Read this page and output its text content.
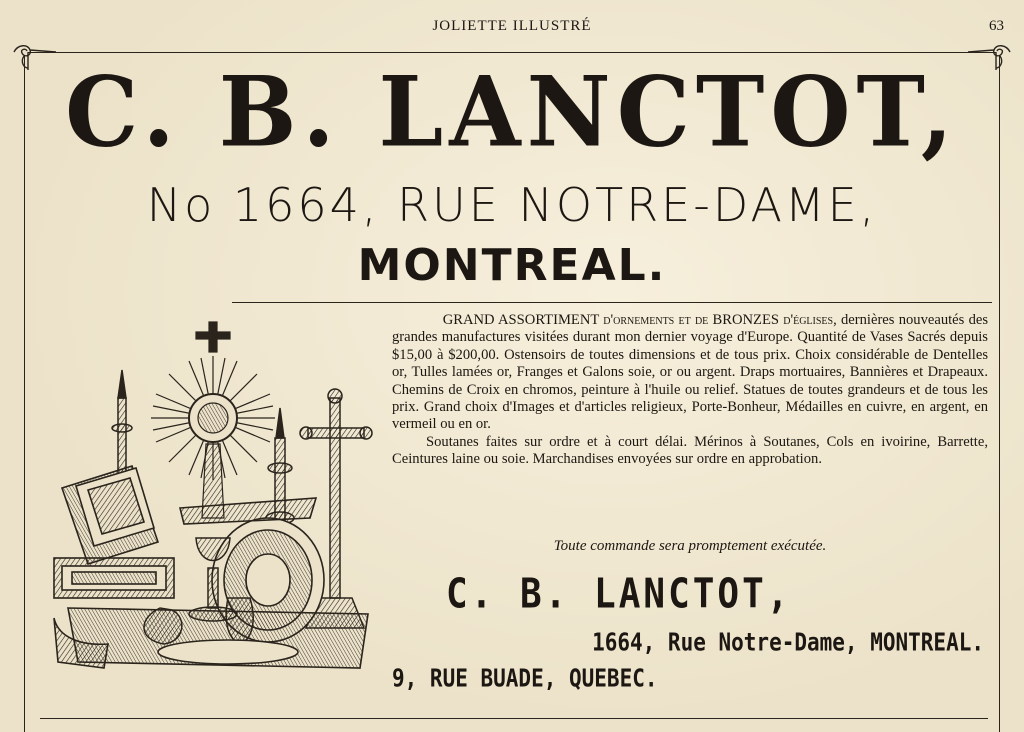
JOLIETTE ILLUSTRÉ	63
C. B. LANCTOT,
No 1664, RUE NOTRE-DAME,
MONTREAL.

GRAND ASSORTIMENT d'ornements et de BRONZES d'églises, dernières nouveautés des grandes manufactures visitées durant mon dernier voyage d'Europe. Quantité de Vases Sacrés depuis $15,00 à $200,00. Ostensoirs de toutes dimensions et de tous prix. Choix considérable de Dentelles or, Tulles lamées or, Franges et Galons soie, or ou argent. Draps mortuaires, Bannières et Drapeaux. Chemins de Croix en chromos, peinture à l'huile ou relief. Statues de toutes grandeurs et de tous les prix. Grand choix d'Images et d'articles religieux, Porte-Bonheur, Médailles en cuivre, en argent, en vermeil ou en or.

Soutanes faites sur ordre et à court délai. Mérinos à Soutanes, Cols en ivoirine, Barrette, Ceintures laine ou soie. Marchandises envoyées sur ordre en approbation.

Toute commande sera promptement exécutée.
C. B. LANCTOT,
1664, Rue Notre-Dame, MONTREAL.
9, RUE BUADE, QUEBEC.
